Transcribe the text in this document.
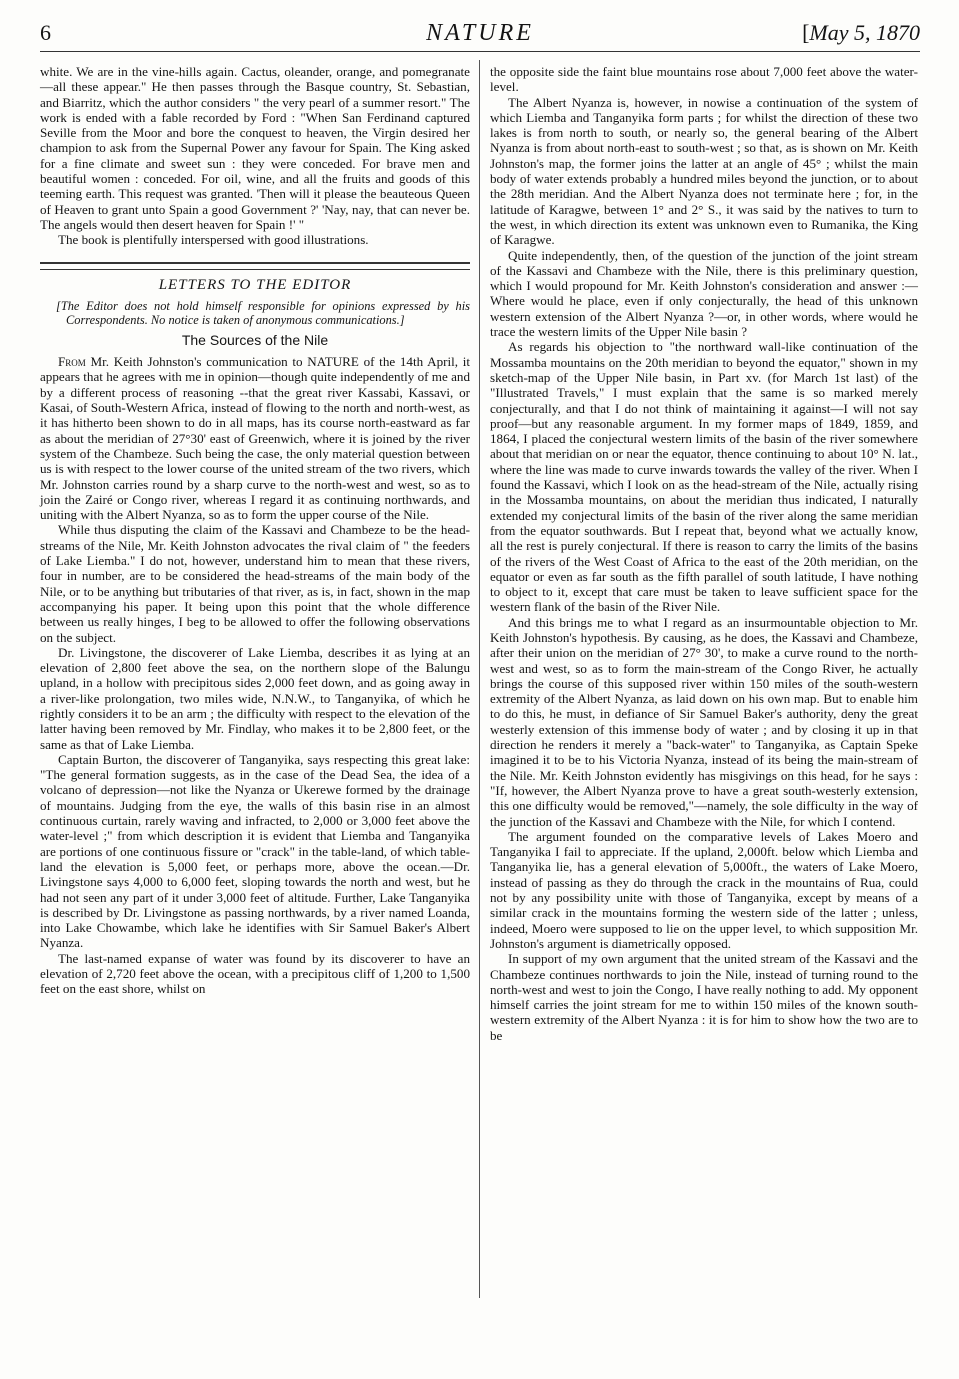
6	NATURE	[May 5, 1870

white. We are in the vine-hills again. Cactus, oleander, orange, and pomegranate—all these appear." He then passes through the Basque country, St. Sebastian, and Biarritz, which the author considers " the very pearl of a summer resort." The work is ended with a fable recorded by Ford : "When San Ferdinand captured Seville from the Moor and bore the conquest to heaven, the Virgin desired her champion to ask from the Supernal Power any favour for Spain. The King asked for a fine climate and sweet sun : they were conceded. For brave men and beautiful women : conceded. For oil, wine, and all the fruits and goods of this teeming earth. This request was granted. 'Then will it please the beauteous Queen of Heaven to grant unto Spain a good Government ?' 'Nay, nay, that can never be. The angels would then desert heaven for Spain !' "

The book is plentifully interspersed with good illustrations.

LETTERS TO THE EDITOR
[The Editor does not hold himself responsible for opinions expressed by his Correspondents. No notice is taken of anonymous communications.]
The Sources of the Nile

From Mr. Keith Johnston's communication to NATURE of the 14th April, it appears that he agrees with me in opinion—though quite independently of me and by a different process of reasoning --that the great river Kassabi, Kassavi, or Kasai, of South-Western Africa, instead of flowing to the north and north-west, as it has hitherto been shown to do in all maps, has its course north-eastward as far as about the meridian of 27°30' east of Greenwich, where it is joined by the river system of the Chambeze. Such being the case, the only material question between us is with respect to the lower course of the united stream of the two rivers, which Mr. Johnston carries round by a sharp curve to the north-west and west, so as to join the Zairé or Congo river, whereas I regard it as continuing northwards, and uniting with the Albert Nyanza, so as to form the upper course of the Nile.

While thus disputing the claim of the Kassavi and Chambeze to be the head-streams of the Nile, Mr. Keith Johnston advocates the rival claim of " the feeders of Lake Liemba." I do not, however, understand him to mean that these rivers, four in number, are to be considered the head-streams of the main body of the Nile, or to be anything but tributaries of that river, as is, in fact, shown in the map accompanying his paper. It being upon this point that the whole difference between us really hinges, I beg to be allowed to offer the following observations on the subject.

Dr. Livingstone, the discoverer of Lake Liemba, describes it as lying at an elevation of 2,800 feet above the sea, on the northern slope of the Balungu upland, in a hollow with precipitous sides 2,000 feet down, and as going away in a river-like prolongation, two miles wide, N.N.W., to Tanganyika, of which he rightly considers it to be an arm ; the difficulty with respect to the elevation of the latter having been removed by Mr. Findlay, who makes it to be 2,800 feet, or the same as that of Lake Liemba.

Captain Burton, the discoverer of Tanganyika, says respecting this great lake: "The general formation suggests, as in the case of the Dead Sea, the idea of a volcano of depression—not like the Nyanza or Ukerewe formed by the drainage of mountains. Judging from the eye, the walls of this basin rise in an almost continuous curtain, rarely waving and infracted, to 2,000 or 3,000 feet above the water-level ;" from which description it is evident that Liemba and Tanganyika are portions of one continuous fissure or "crack" in the table-land, of which table-land the elevation is 5,000 feet, or perhaps more, above the ocean.—Dr. Livingstone says 4,000 to 6,000 feet, sloping towards the north and west, but he had not seen any part of it under 3,000 feet of altitude. Further, Lake Tanganyika is described by Dr. Livingstone as passing northwards, by a river named Loanda, into Lake Chowambe, which lake he identifies with Sir Samuel Baker's Albert Nyanza.

The last-named expanse of water was found by its discoverer to have an elevation of 2,720 feet above the ocean, with a precipitous cliff of 1,200 to 1,500 feet on the east shore, whilst on

the opposite side the faint blue mountains rose about 7,000 feet above the water-level.

The Albert Nyanza is, however, in nowise a continuation of the system of which Liemba and Tanganyika form parts ; for whilst the direction of these two lakes is from north to south, or nearly so, the general bearing of the Albert Nyanza is from about north-east to south-west ; so that, as is shown on Mr. Keith Johnston's map, the former joins the latter at an angle of 45° ; whilst the main body of water extends probably a hundred miles beyond the junction, or to about the 28th meridian. And the Albert Nyanza does not terminate here ; for, in the latitude of Karagwe, between 1° and 2° S., it was said by the natives to turn to the west, in which direction its extent was unknown even to Rumanika, the King of Karagwe.

Quite independently, then, of the question of the junction of the joint stream of the Kassavi and Chambeze with the Nile, there is this preliminary question, which I would propound for Mr. Keith Johnston's consideration and answer :—Where would he place, even if only conjecturally, the head of this unknown western extension of the Albert Nyanza ?—or, in other words, where would he trace the western limits of the Upper Nile basin ?

As regards his objection to "the northward wall-like continuation of the Mossamba mountains on the 20th meridian to beyond the equator," shown in my sketch-map of the Upper Nile basin, in Part xv. (for March 1st last) of the "Illustrated Travels," I must explain that the same is so marked merely conjecturally, and that I do not think of maintaining it against—I will not say proof—but any reasonable argument. In my former maps of 1849, 1859, and 1864, I placed the conjectural western limits of the basin of the river somewhere about that meridian on or near the equator, thence continuing to about 10° N. lat., where the line was made to curve inwards towards the valley of the river. When I found the Kassavi, which I look on as the head-stream of the Nile, actually rising in the Mossamba mountains, on about the meridian thus indicated, I naturally extended my conjectural limits of the basin of the river along the same meridian from the equator southwards. But I repeat that, beyond what we actually know, all the rest is purely conjectural. If there is reason to carry the limits of the basins of the rivers of the West Coast of Africa to the east of the 20th meridian, on the equator or even as far south as the fifth parallel of south latitude, I have nothing to object to it, except that care must be taken to leave sufficient space for the western flank of the basin of the River Nile.

And this brings me to what I regard as an insurmountable objection to Mr. Keith Johnston's hypothesis. By causing, as he does, the Kassavi and Chambeze, after their union on the meridian of 27° 30', to make a curve round to the north-west and west, so as to form the main-stream of the Congo River, he actually brings the course of this supposed river within 150 miles of the south-western extremity of the Albert Nyanza, as laid down on his own map. But to enable him to do this, he must, in defiance of Sir Samuel Baker's authority, deny the great westerly extension of this immense body of water ; and by closing it up in that direction he renders it merely a "back-water" to Tanganyika, as Captain Speke imagined it to be to his Victoria Nyanza, instead of its being the main-stream of the Nile. Mr. Keith Johnston evidently has misgivings on this head, for he says : "If, however, the Albert Nyanza prove to have a great south-westerly extension, this one difficulty would be removed,"—namely, the sole difficulty in the way of the junction of the Kassavi and Chambeze with the Nile, for which I contend.

The argument founded on the comparative levels of Lakes Moero and Tanganyika I fail to appreciate. If the upland, 2,000ft. below which Liemba and Tanganyika lie, has a general elevation of 5,000ft., the waters of Lake Moero, instead of passing as they do through the crack in the mountains of Rua, could not by any possibility unite with those of Tanganyika, except by means of a similar crack in the mountains forming the western side of the latter ; unless, indeed, Moero were supposed to lie on the upper level, to which supposition Mr. Johnston's argument is diametrically opposed.

In support of my own argument that the united stream of the Kassavi and the Chambeze continues northwards to join the Nile, instead of turning round to the north-west and west to join the Congo, I have really nothing to add. My opponent himself carries the joint stream for me to within 150 miles of the known south-western extremity of the Albert Nyanza : it is for him to show how the two are to be
